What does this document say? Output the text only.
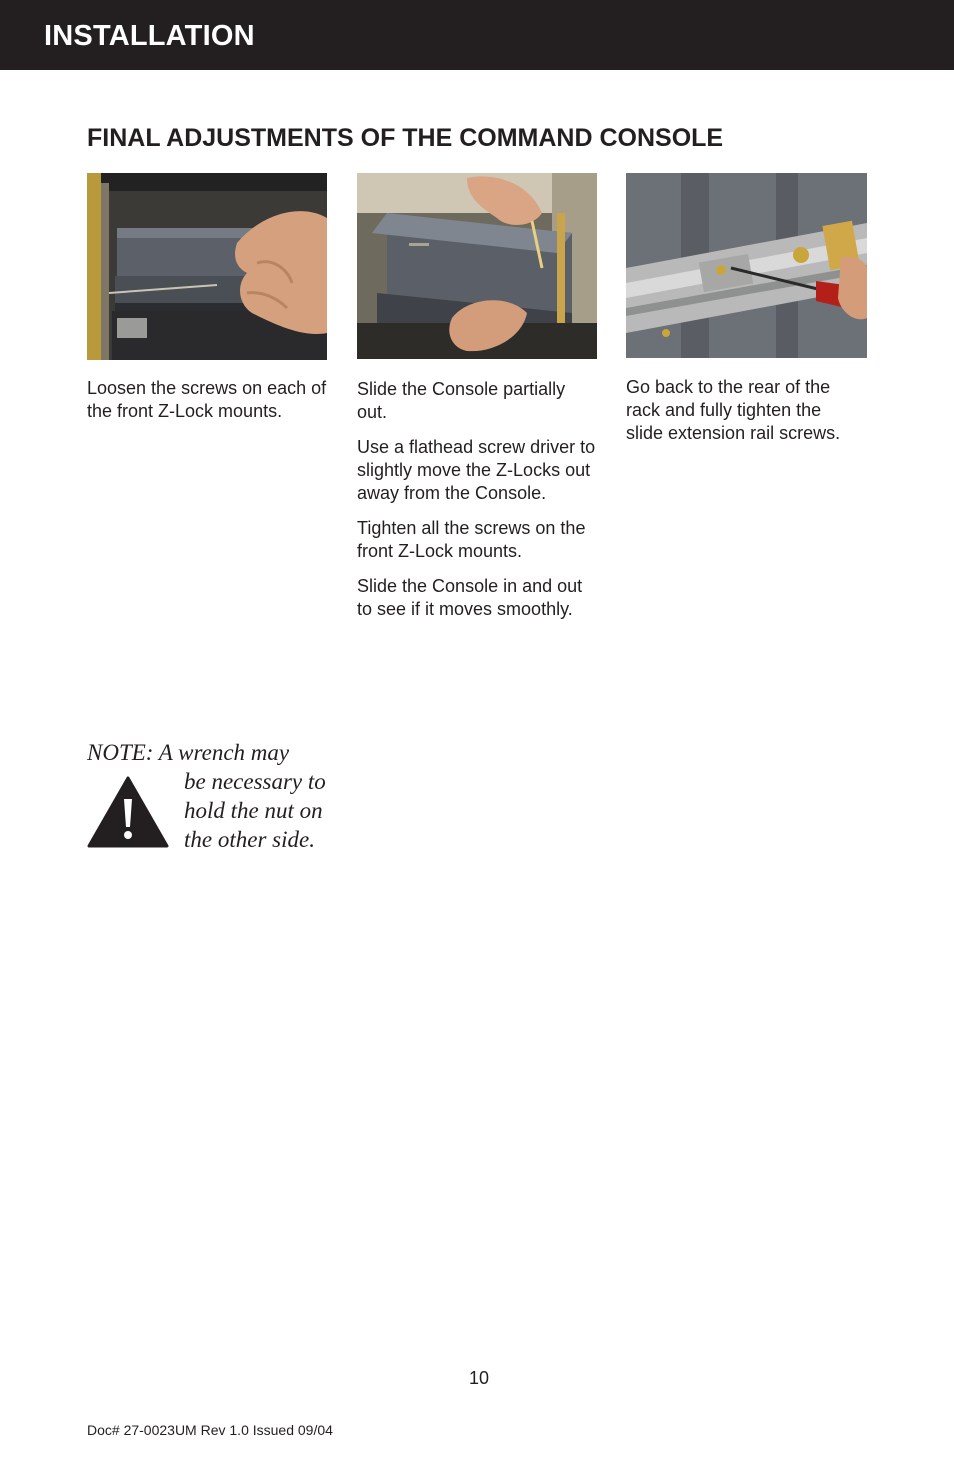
INSTALLATION
FINAL ADJUSTMENTS OF THE COMMAND CONSOLE

Loosen the screws on each of the front Z-Lock mounts.

Slide the Console partially out.

Use a flathead screw driver to slightly move the Z-Locks out away from the Console.

Tighten all the screws on the front Z-Lock mounts.

Slide the Console in and out to see if it moves smoothly.

Go back to the rear of the rack and fully tighten the slide extension rail screws.

NOTE: A wrench may
be necessary to
hold the nut on
the other side.
10
Doc# 27-0023UM Rev 1.0 Issued 09/04
